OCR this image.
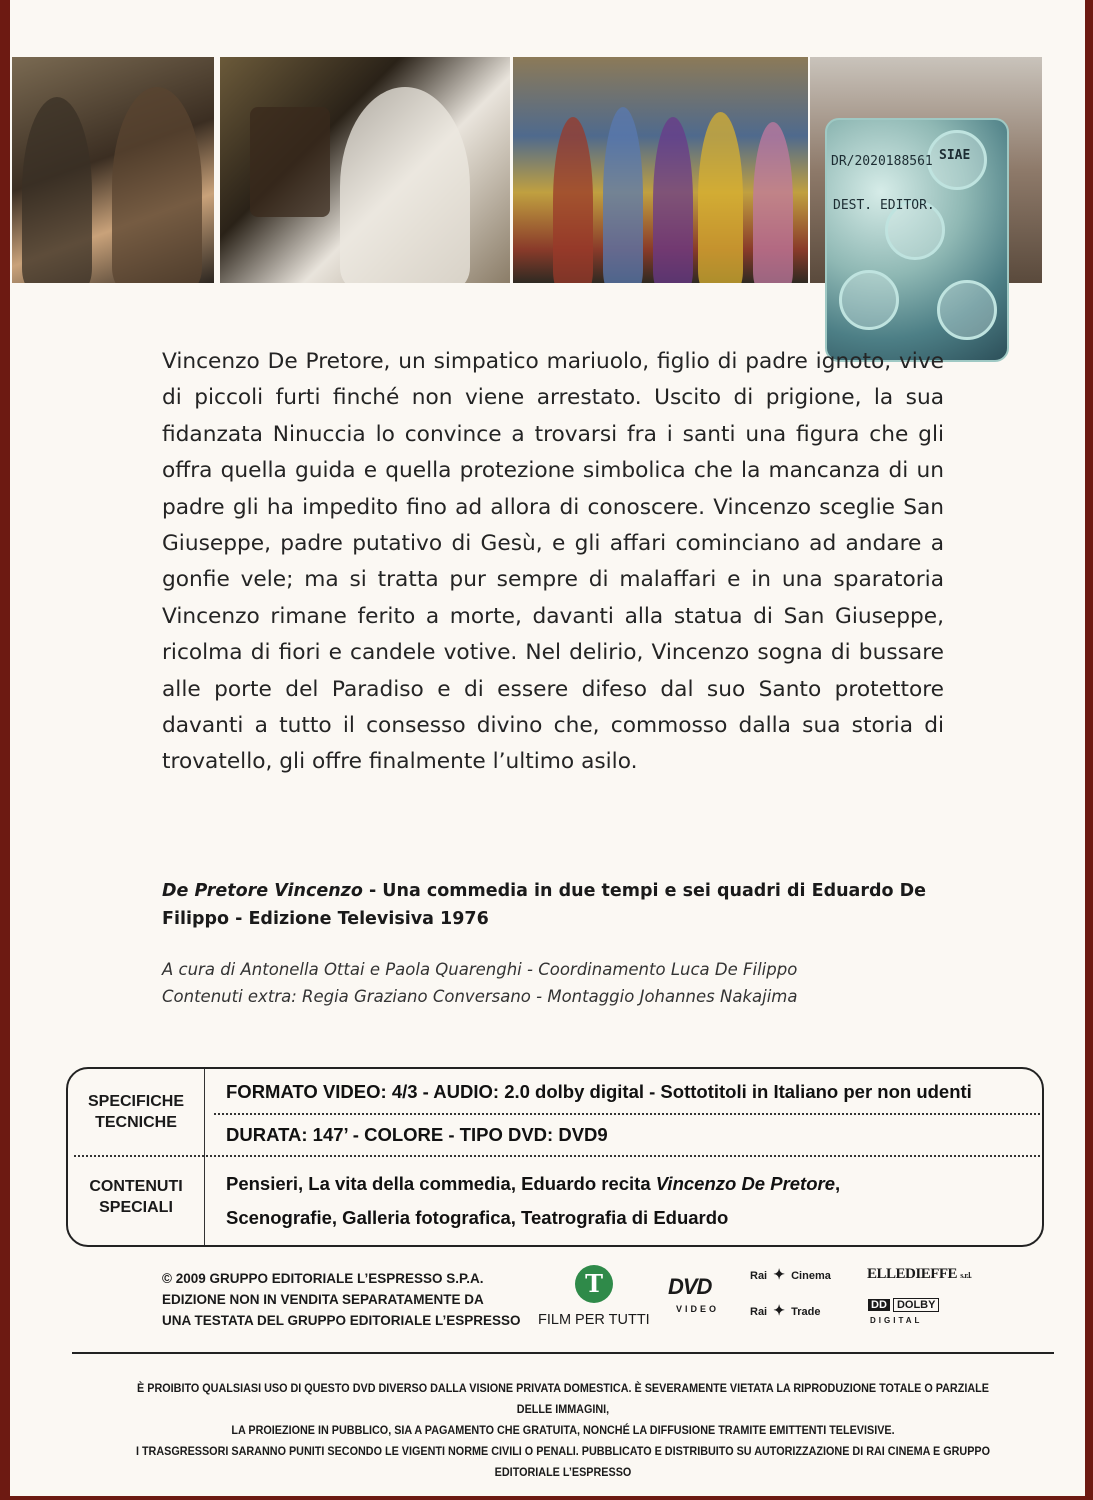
DR/2020188561
DEST. EDITOR.
SIAE

Vincenzo De Pretore, un simpatico mariuolo, figlio di padre ignoto, vive di piccoli furti finché non viene arrestato. Uscito di prigione, la sua fidanzata Ninuccia lo convince a trovarsi fra i santi una figura che gli offra quella guida e quella protezione simbolica che la mancanza di un padre gli ha impedito fino ad allora di conoscere. Vincenzo sceglie San Giuseppe, padre putativo di Gesù, e gli affari cominciano ad andare a gonfie vele; ma si tratta pur sempre di malaffari e in una sparatoria Vincenzo rimane ferito a morte, davanti alla statua di San Giuseppe, ricolma di fiori e candele votive. Nel delirio, Vincenzo sogna di bussare alle porte del Paradiso e di essere difeso dal suo Santo protettore davanti a tutto il consesso divino che, commosso dalla sua storia di trovatello, gli offre finalmente l’ultimo asilo.

De Pretore Vincenzo - Una commedia in due tempi e sei quadri di Eduardo De Filippo - Edizione Televisiva 1976
A cura di Antonella Ottai e Paola Quarenghi - Coordinamento Luca De Filippo
Contenuti extra: Regia Graziano Conversano - Montaggio Johannes Nakajima
SPECIFICHE
TECNICHE
FORMATO VIDEO: 4/3 - AUDIO: 2.0 dolby digital - Sottotitoli in Italiano per non udenti
DURATA: 147’ - COLORE - TIPO DVD: DVD9
CONTENUTI
SPECIALI
Pensieri, La vita della commedia, Eduardo recita Vincenzo De Pretore,
Scenografie, Galleria fotografica, Teatrografia di Eduardo
© 2009 GRUPPO EDITORIALE L’ESPRESSO S.P.A.
EDIZIONE NON IN VENDITA SEPARATAMENTE DA
UNA TESTATA DEL GRUPPO EDITORIALE L’ESPRESSO
T
FILM PER TUTTI
DVD
VIDEO
Rai ✦ Cinema
Rai ✦ Trade
ELLEDIEFFE s.r.l.
DD DOLBY
DIGITAL
È PROIBITO QUALSIASI USO DI QUESTO DVD DIVERSO DALLA VISIONE PRIVATA DOMESTICA. È SEVERAMENTE VIETATA LA RIPRODUZIONE TOTALE O PARZIALE DELLE IMMAGINI,
LA PROIEZIONE IN PUBBLICO, SIA A PAGAMENTO CHE GRATUITA, NONCHÉ LA DIFFUSIONE TRAMITE EMITTENTI TELEVISIVE.
I TRASGRESSORI SARANNO PUNITI SECONDO LE VIGENTI NORME CIVILI O PENALI. PUBBLICATO E DISTRIBUITO SU AUTORIZZAZIONE DI RAI CINEMA E GRUPPO EDITORIALE L’ESPRESSO
